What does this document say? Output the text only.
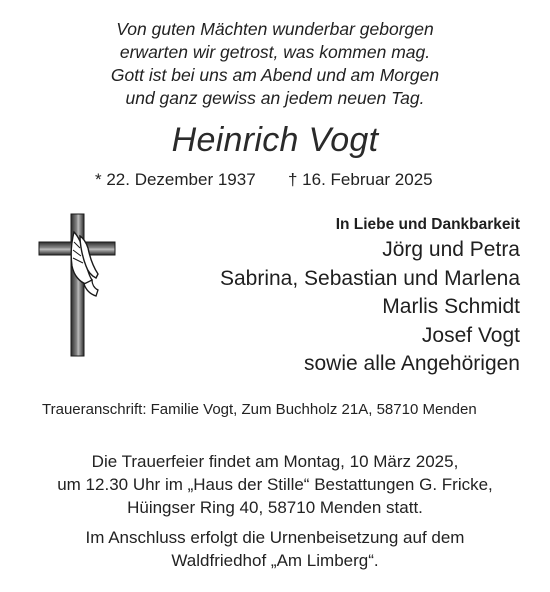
Von guten Mächten wunderbar geborgen
erwarten wir getrost, was kommen mag.
Gott ist bei uns am Abend und am Morgen
und ganz gewiss an jedem neuen Tag.
Heinrich Vogt
* 22. Dezember 1937 † 16. Februar 2025
In Liebe und Dankbarkeit
Jörg und Petra
Sabrina, Sebastian und Marlena
Marlis Schmidt
Josef Vogt
sowie alle Angehörigen
Traueranschrift: Familie Vogt, Zum Buchholz 21A, 58710 Menden
Die Trauerfeier findet am Montag, 10 März 2025,
um 12.30 Uhr im „Haus der Stille“ Bestattungen G. Fricke,
Hüingser Ring 40, 58710 Menden statt.
Im Anschluss erfolgt die Urnenbeisetzung auf dem
Waldfriedhof „Am Limberg“.
